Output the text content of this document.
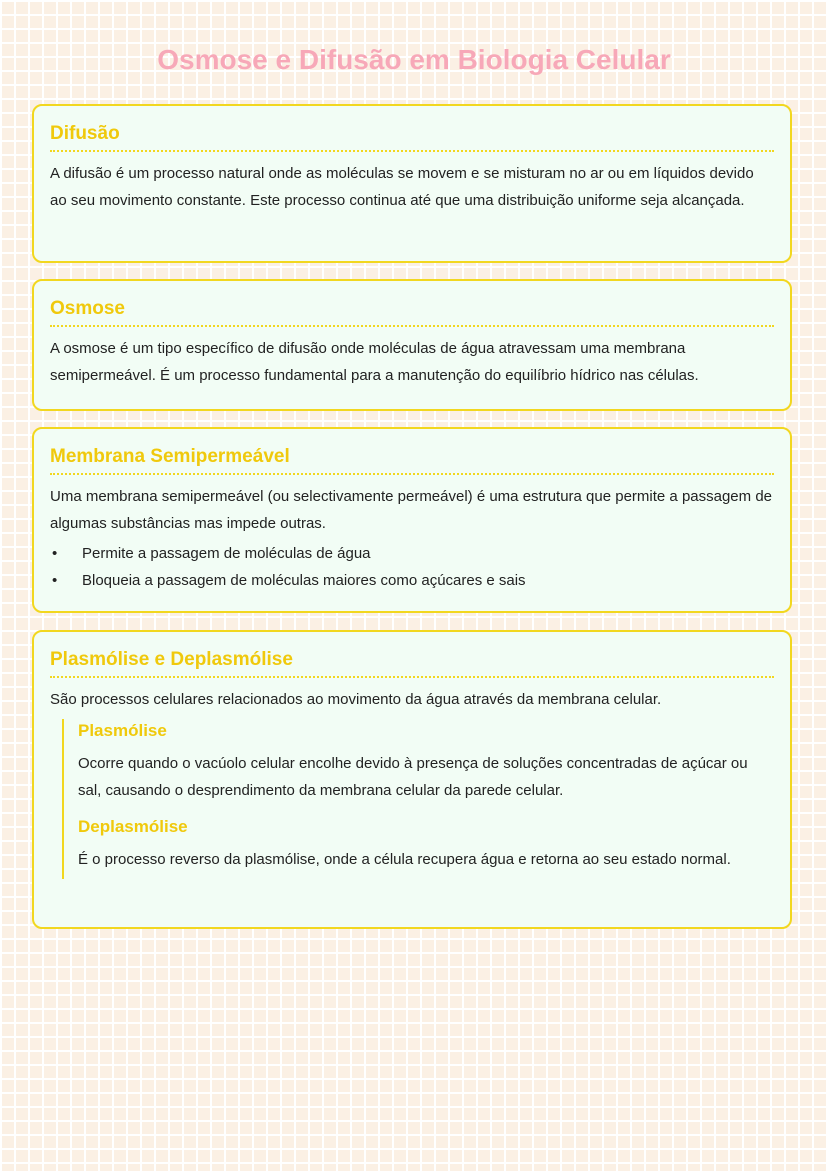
Osmose e Difusão em Biologia Celular
Difusão

A difusão é um processo natural onde as moléculas se movem e se misturam no ar ou em líquidos devido ao seu movimento constante. Este processo continua até que uma distribuição uniforme seja alcançada.

Osmose

A osmose é um tipo específico de difusão onde moléculas de água atravessam uma membrana semipermeável. É um processo fundamental para a manutenção do equilíbrio hídrico nas células.

Membrana Semipermeável

Uma membrana semipermeável (ou selectivamente permeável) é uma estrutura que permite a passagem de algumas substâncias mas impede outras.

• Permite a passagem de moléculas de água
• Bloqueia a passagem de moléculas maiores como açúcares e sais
Plasmólise e Deplasmólise

São processos celulares relacionados ao movimento da água através da membrana celular.

Plasmólise

Ocorre quando o vacúolo celular encolhe devido à presença de soluções concentradas de açúcar ou sal, causando o desprendimento da membrana celular da parede celular.

Deplasmólise

É o processo reverso da plasmólise, onde a célula recupera água e retorna ao seu estado normal.
